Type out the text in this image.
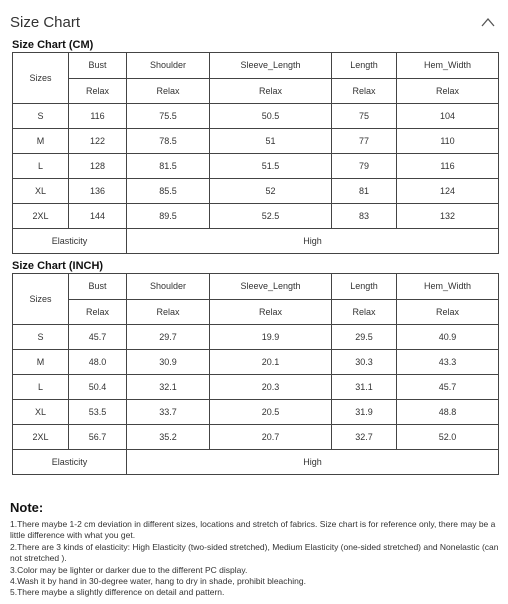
Size Chart
Size Chart (CM)
Sizes	Bust	Shoulder	Sleeve_Length	Length	Hem_Width
	Relax	Relax	Relax	Relax	Relax
S	116	75.5	50.5	75	104
M	122	78.5	51	77	110
L	128	81.5	51.5	79	116
XL	136	85.5	52	81	124
2XL	144	89.5	52.5	83	132
Elasticity		High			
Size Chart (INCH)
Sizes	Bust	Shoulder	Sleeve_Length	Length	Hem_Width
	Relax	Relax	Relax	Relax	Relax
S	45.7	29.7	19.9	29.5	40.9
M	48.0	30.9	20.1	30.3	43.3
L	50.4	32.1	20.3	31.1	45.7
XL	53.5	33.7	20.5	31.9	48.8
2XL	56.7	35.2	20.7	32.7	52.0
Elasticity		High			
Note:
1.There maybe 1-2 cm deviation in different sizes, locations and stretch of fabrics. Size chart is for reference only, there may be a little difference with what you get.
2.There are 3 kinds of elasticity: High Elasticity (two-sided stretched), Medium Elasticity (one-sided stretched) and Nonelastic (can not stretched ).
3.Color may be lighter or darker due to the different PC display.
4.Wash it by hand in 30-degree water, hang to dry in shade, prohibit bleaching.
5.There maybe a slightly difference on detail and pattern.
